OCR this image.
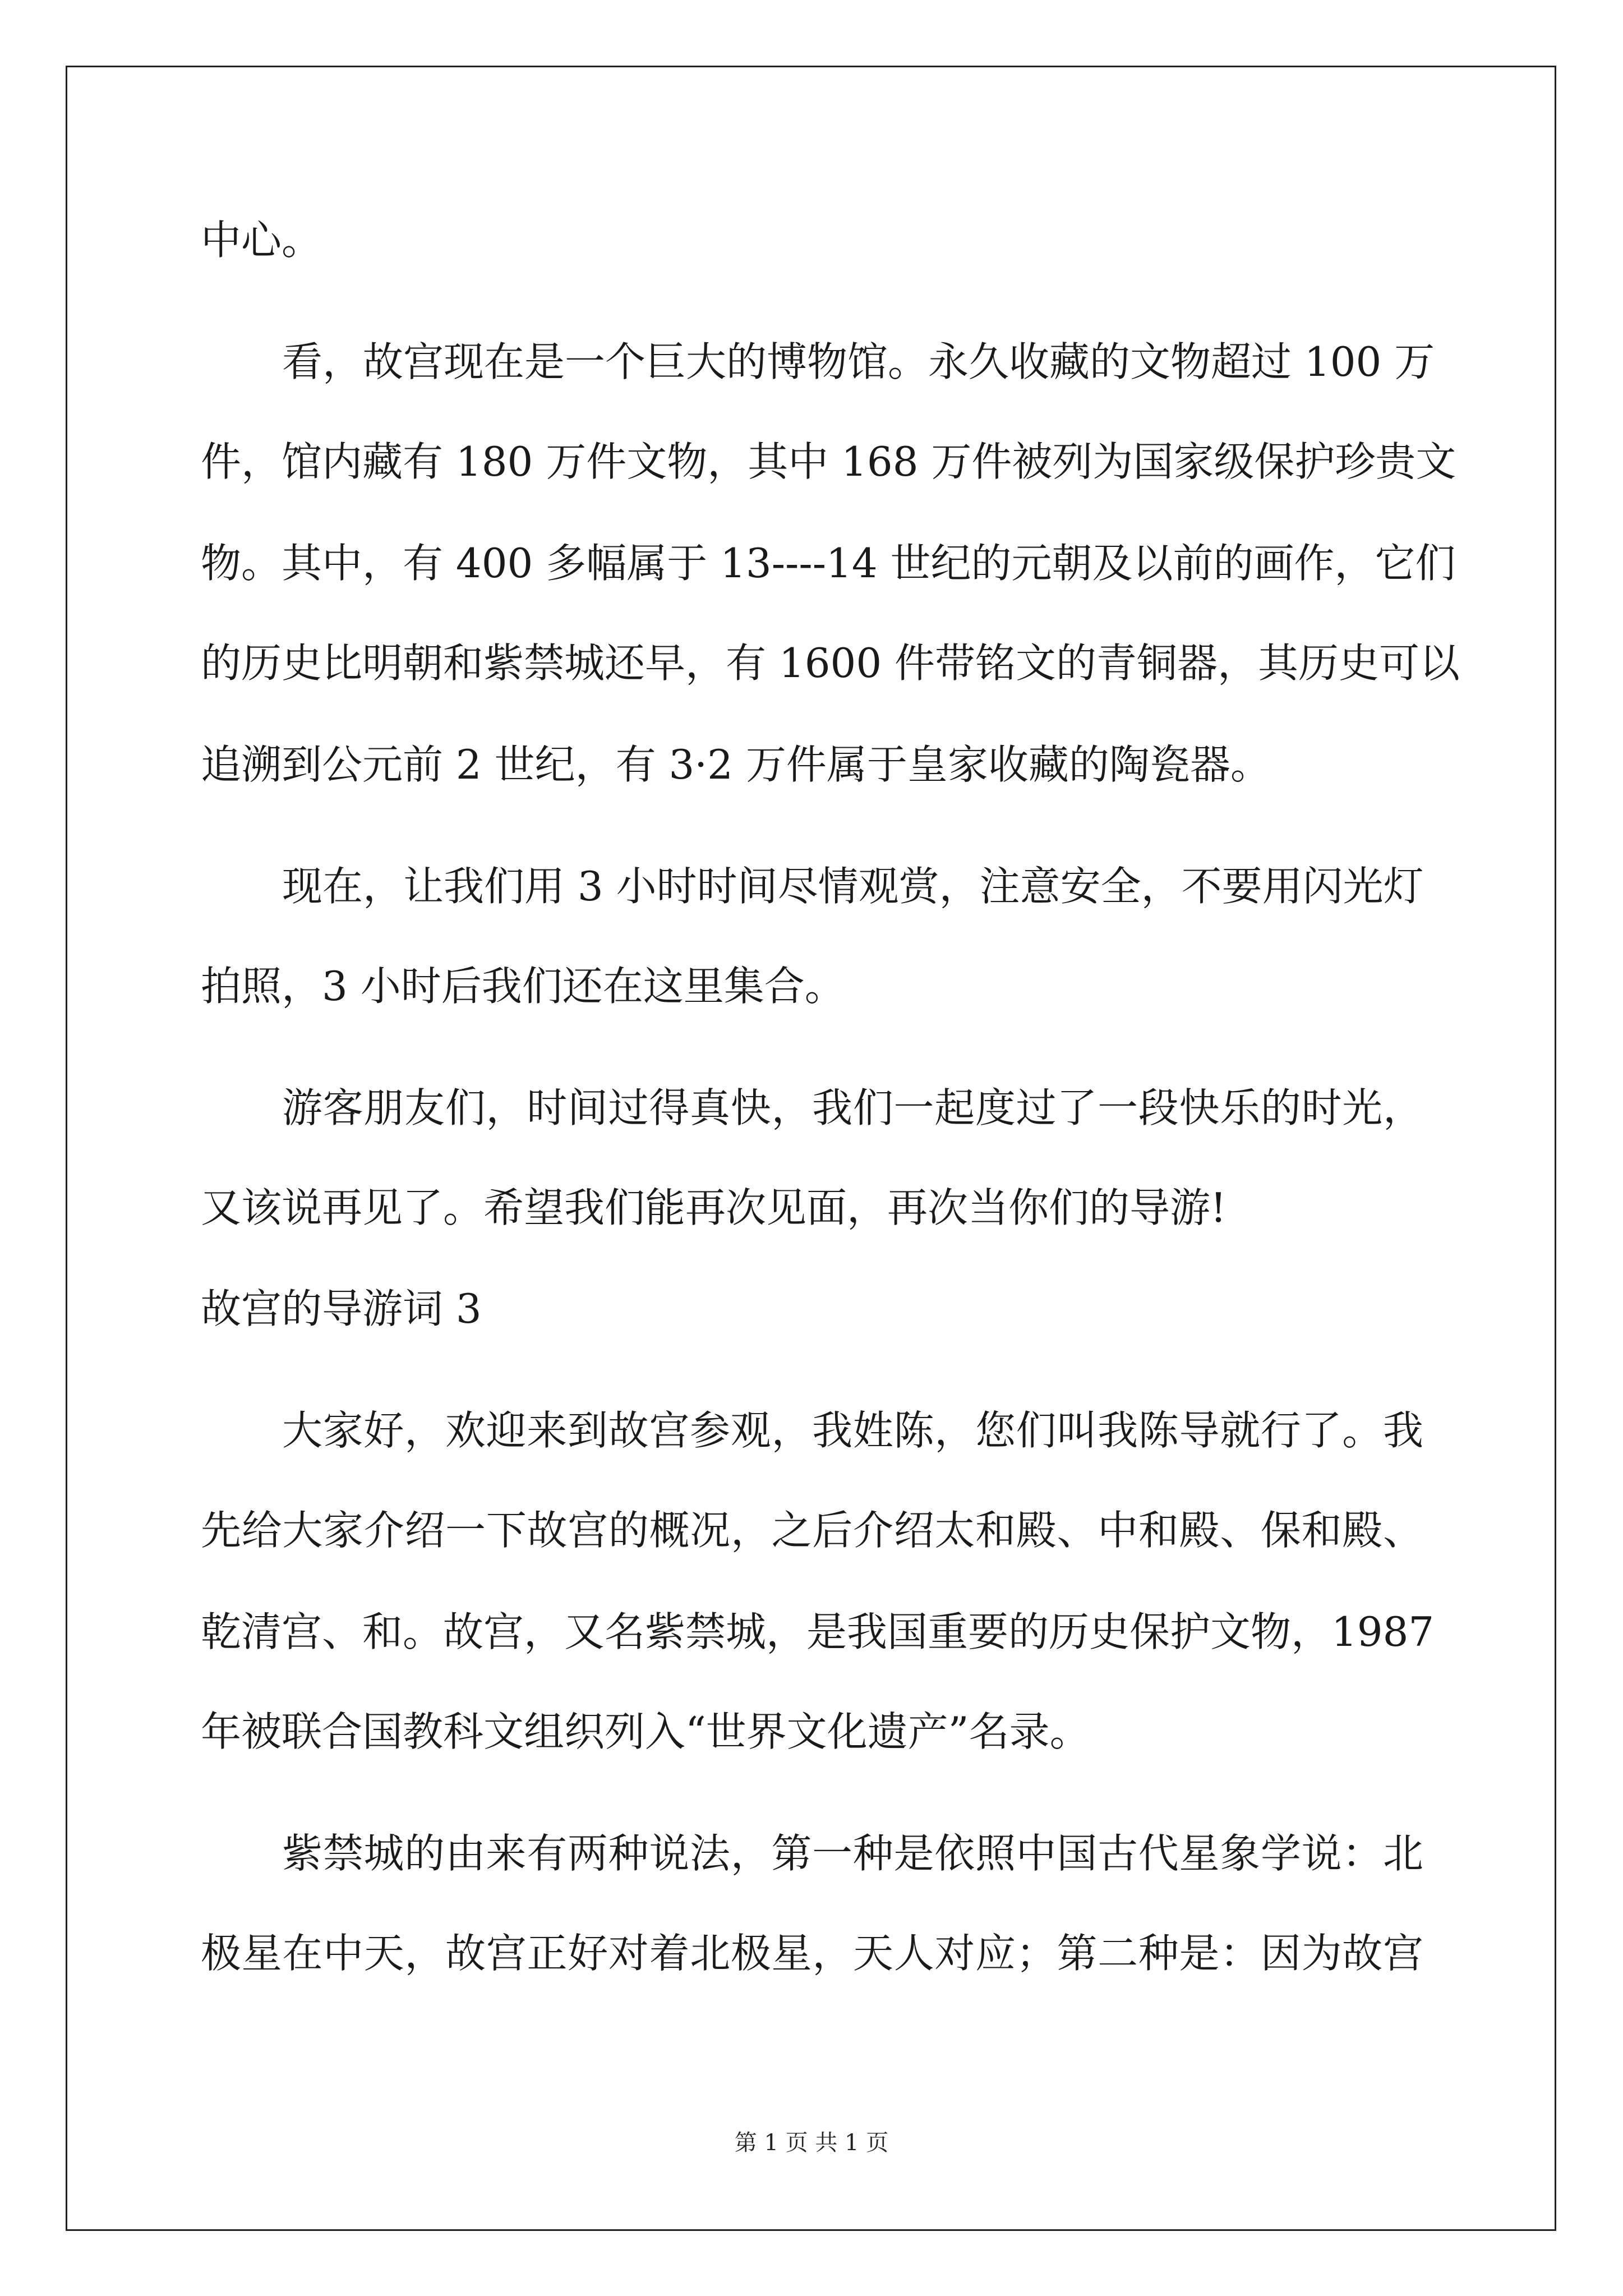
中心。

看，故宫现在是一个巨大的博物馆。永久收藏的文物超过 100 万

件，馆内藏有 180 万件文物，其中 168 万件被列为国家级保护珍贵文

物。其中，有 400 多幅属于 13----14 世纪的元朝及以前的画作，它们

的历史比明朝和紫禁城还早，有 1600 件带铭文的青铜器，其历史可以

追溯到公元前 2 世纪，有 3·2 万件属于皇家收藏的陶瓷器。

现在，让我们用 3 小时时间尽情观赏，注意安全，不要用闪光灯

拍照，3 小时后我们还在这里集合。

游客朋友们，时间过得真快，我们一起度过了一段快乐的时光，

又该说再见了。希望我们能再次见面，再次当你们的导游!

故宫的导游词 3

大家好，欢迎来到故宫参观，我姓陈，您们叫我陈导就行了。我

先给大家介绍一下故宫的概况，之后介绍太和殿、中和殿、保和殿、

乾清宫、和。故宫，又名紫禁城，是我国重要的历史保护文物，1987

年被联合国教科文组织列入“世界文化遗产”名录。

紫禁城的由来有两种说法，第一种是依照中国古代星象学说：北

极星在中天，故宫正好对着北极星，天人对应；第二种是：因为故宫

第 1 页 共 1 页
